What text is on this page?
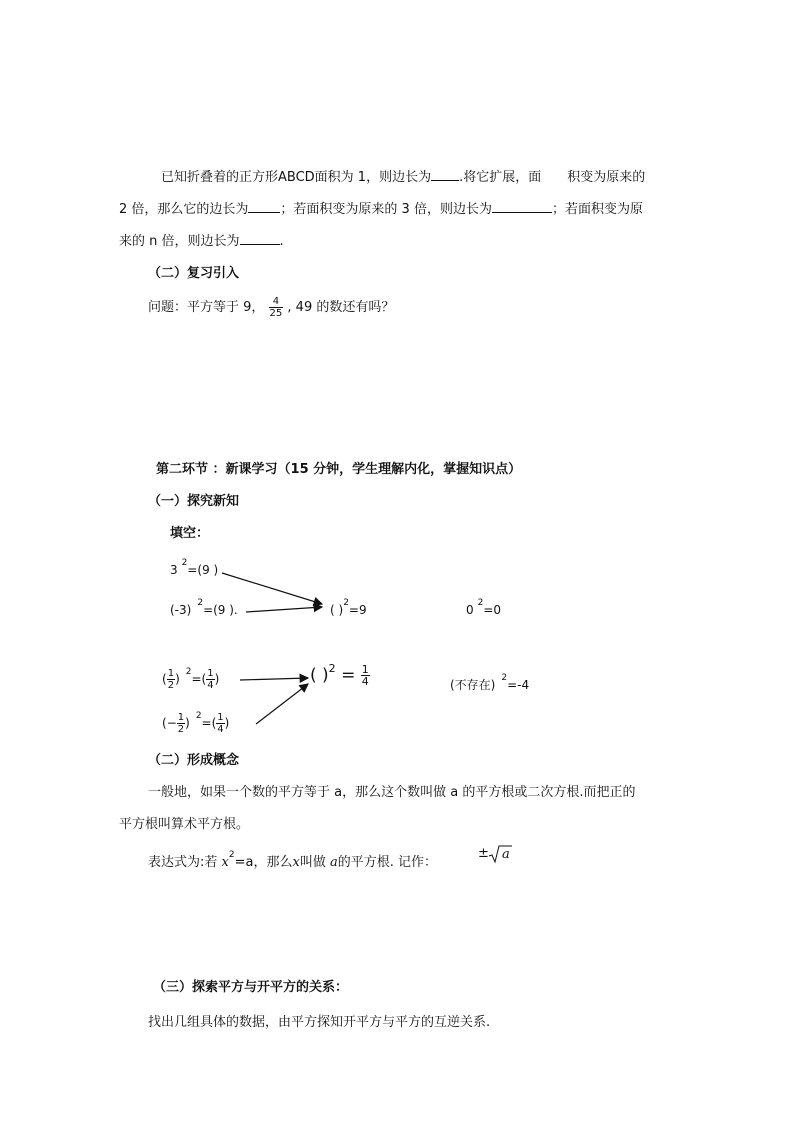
已知折叠着的正方形ABCD面积为 1，则边长为 .将它扩展，面 积变为原来的
2 倍，那么它的边长为 ；若面积变为原来的 3 倍，则边长为	；若面积变为原
来的 n 倍，则边长为	.
（二）复习引入
问题：平方等于 9， $\frac{4}{25}$ , 49 的数还有吗？
第二环节 ：新课学习（15 分钟，学生理解内化，掌握知识点）
（一）探究新知
填空：
3 $^2$=(9 )
(-3) $^2$=(9 ).	( )$^2$=9	0 $^2$=0
( $\frac{1}{2}$ ) $^2=( \frac{1}{4}$ )
(− $\frac{1}{2}$ ) $^2=( \frac{1}{4}$ )
( )$^2 = \frac{1}{4}$	(不存在) $^2$=-4
（二）形成概念
一般地，如果一个数的平方等于 a，那么这个数叫做 a 的平方根或二次方根.而把正的
平方根叫算术平方根。
表达式为:若 $x^2=a$，那么x叫做 a的平方根. 记作：
± a
（三）探索平方与开平方的关系：
找出几组具体的数据，由平方探知开平方与平方的互逆关系.
